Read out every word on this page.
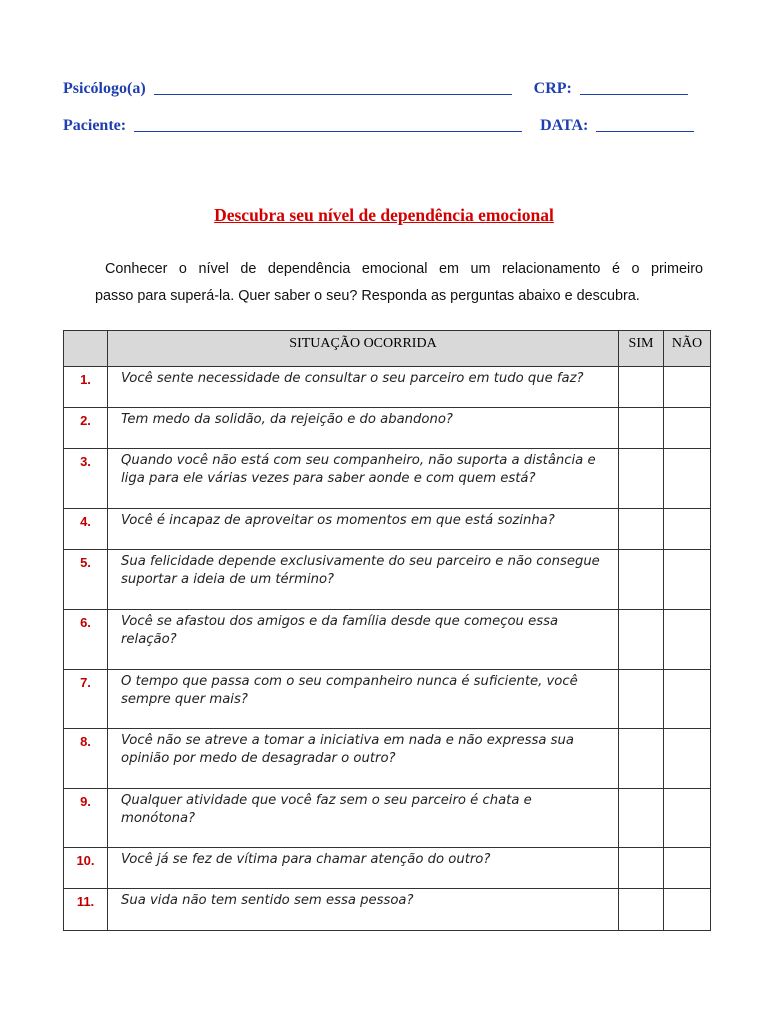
Psicólogo(a)	CRP:
Paciente:	DATA:
Descubra seu nível de dependência emocional
Conhecer o nível de dependência emocional em um relacionamento é o primeiro
passo para superá-la. Quer saber o seu? Responda as perguntas abaixo e descubra.
	SITUAÇÃO OCORRIDA	SIM	NÃO
1.	Você sente necessidade de consultar o seu parceiro em tudo que faz?		
2.	Tem medo da solidão, da rejeição e do abandono?		
3.	Quando você não está com seu companheiro, não suporta a distância e liga para ele várias vezes para saber aonde e com quem está?		
4.	Você é incapaz de aproveitar os momentos em que está sozinha?		
5.	Sua felicidade depende exclusivamente do seu parceiro e não consegue suportar a ideia de um término?		
6.	Você se afastou dos amigos e da família desde que começou essa relação?		
7.	O tempo que passa com o seu companheiro nunca é suficiente, você sempre quer mais?		
8.	Você não se atreve a tomar a iniciativa em nada e não expressa sua opinião por medo de desagradar o outro?		
9.	Qualquer atividade que você faz sem o seu parceiro é chata e monótona?		
10.	Você já se fez de vítima para chamar atenção do outro?		
11.	Sua vida não tem sentido sem essa pessoa?		
